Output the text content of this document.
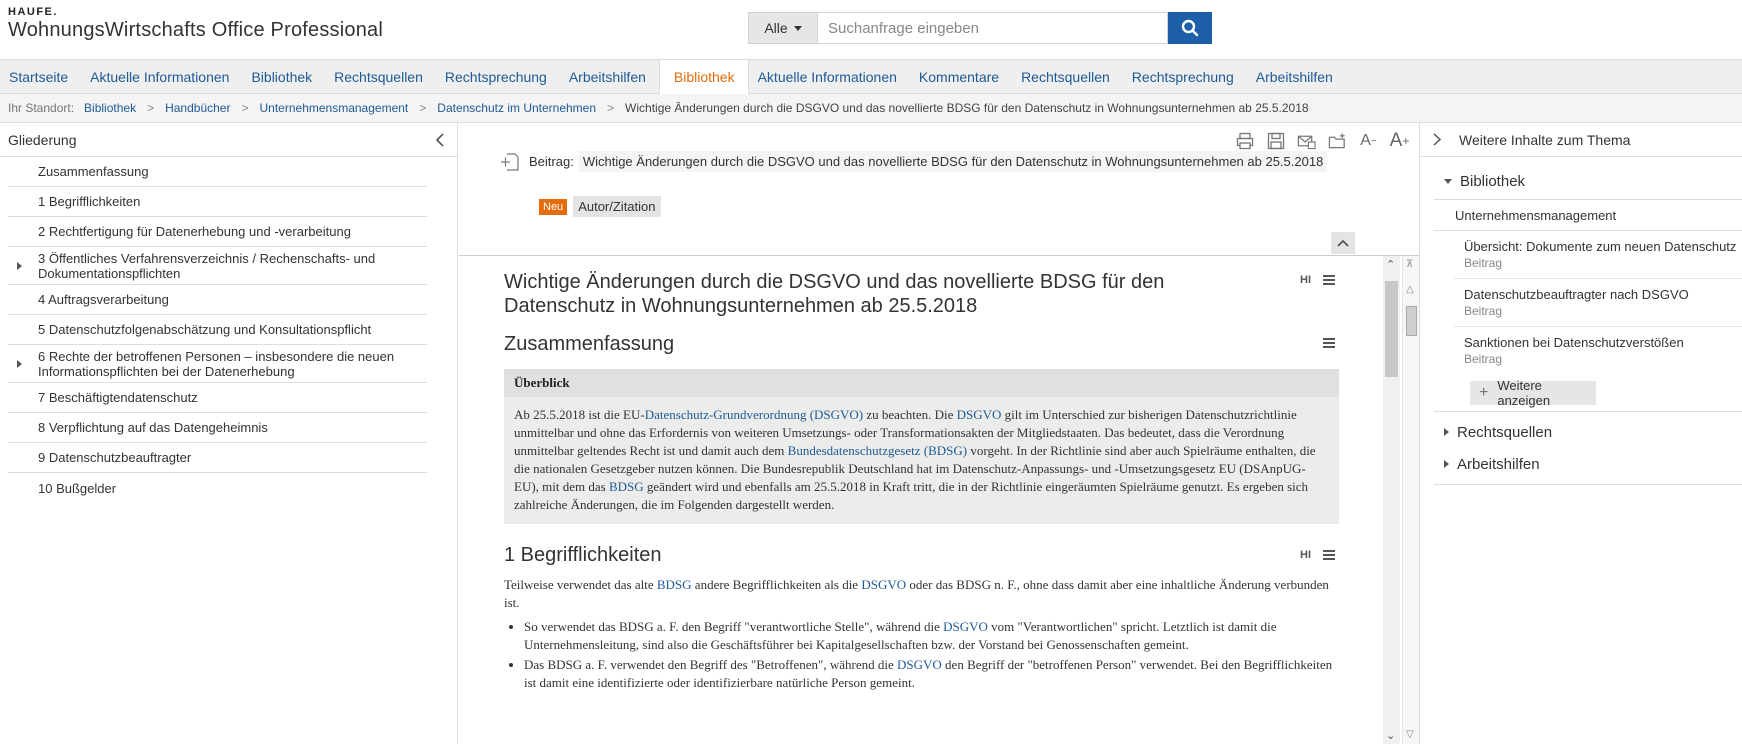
HAUFE.
WohnungsWirtschafts Office Professional	Alle
Suchanfrage eingeben
Startseite	Aktuelle Informationen	Bibliothek	Rechtsquellen	Rechtsprechung	Arbeitshilfen	Bibliothek	Aktuelle Informationen	Kommentare	Rechtsquellen	Rechtsprechung	Arbeitshilfen
Ihr Standort: Bibliothek > Handbücher > Unternehmensmanagement > Datenschutz im Unternehmen > Wichtige Änderungen durch die DSGVO und das novellierte BDSG für den Datenschutz in Wohnungsunternehmen ab 25.5.2018
Gliederung
Zusammenfassung
1 Begrifflichkeiten
2 Rechtfertigung für Datenerhebung und -verarbeitung
3 Öffentliches Verfahrensverzeichnis / Rechenschafts- und Dokumentationspflichten
4 Auftragsverarbeitung
5 Datenschutzfolgenabschätzung und Konsultationspflicht
6 Rechte der betroffenen Personen – insbesondere die neuen Informationspflichten bei der Datenerhebung
7 Beschäftigtendatenschutz
8 Verpflichtung auf das Datengeheimnis
9 Datenschutzbeauftragter
10 Bußgelder
A − A +
Beitrag: Wichtige Änderungen durch die DSGVO und das novellierte BDSG für den Datenschutz in Wohnungsunternehmen ab 25.5.2018
Neu	Autor/Zitation
Wichtige Änderungen durch die DSGVO und das novellierte BDSG für den Datenschutz in Wohnungsunternehmen ab 25.5.2018
HI
Zusammenfassung
Überblick
Ab 25.5.2018 ist die EU-Datenschutz-Grundverordnung (DSGVO) zu beachten. Die DSGVO gilt im Unterschied zur bisherigen Datenschutzrichtlinie unmittelbar und ohne das Erfordernis von weiteren Umsetzungs- oder Transformationsakten der Mitgliedstaaten. Das bedeutet, dass die Verordnung unmittelbar geltendes Recht ist und damit auch dem Bundesdatenschutzgesetz (BDSG) vorgeht. In der Richtlinie sind aber auch Spielräume enthalten, die die nationalen Gesetzgeber nutzen können. Die Bundesrepublik Deutschland hat im Datenschutz-Anpassungs- und -Umsetzungsgesetz EU (DSAnpUG-EU), mit dem das BDSG geändert wird und ebenfalls am 25.5.2018 in Kraft tritt, die in der Richtlinie eingeräumten Spielräume genutzt. Es ergeben sich zahlreiche Änderungen, die im Folgenden dargestellt werden.
1 Begrifflichkeiten	HI
Teilweise verwendet das alte BDSG andere Begrifflichkeiten als die DSGVO oder das BDSG n. F., ohne dass damit aber eine inhaltliche Änderung verbunden ist.
• So verwendet das BDSG a. F. den Begriff "verantwortliche Stelle", während die DSGVO vom "Verantwortlichen" spricht. Letztlich ist damit die Unternehmensleitung, sind also die Geschäftsführer bei Kapitalgesellschaften bzw. der Vorstand bei Genossenschaften gemeint.
• Das BDSG a. F. verwendet den Begriff des "Betroffenen", während die DSGVO den Begriff der "betroffenen Person" verwendet. Bei den Begrifflichkeiten ist damit eine identifizierte oder identifizierbare natürliche Person gemeint.
⌃
⌄
⊼
△
▽
Weitere Inhalte zum Thema
Bibliothek
Unternehmensmanagement
Übersicht: Dokumente zum neuen Datenschutz
Beitrag
Datenschutzbeauftragter nach DSGVO
Beitrag
Sanktionen bei Datenschutzverstößen
Beitrag
+ Weitere anzeigen
Rechtsquellen
Arbeitshilfen
